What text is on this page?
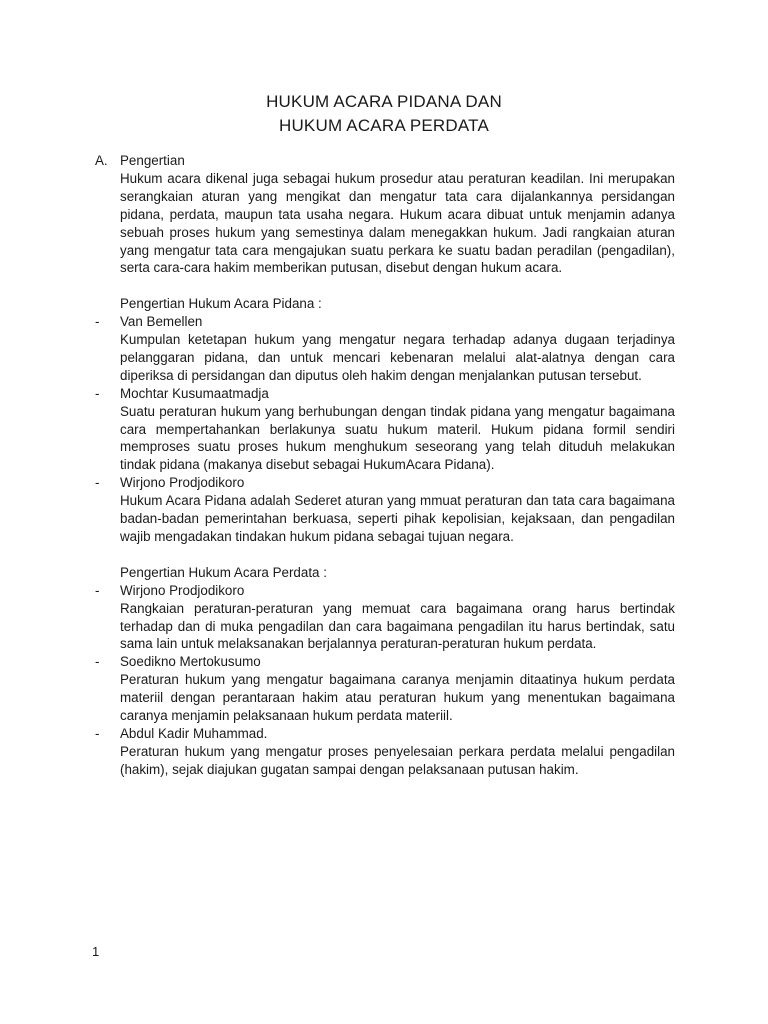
HUKUM ACARA PIDANA DAN
HUKUM ACARA PERDATA
A. Pengertian

Hukum acara dikenal juga sebagai hukum prosedur atau peraturan keadilan. Ini merupakan serangkaian aturan yang mengikat dan mengatur tata cara dijalankannya persidangan pidana, perdata, maupun tata usaha negara. Hukum acara dibuat untuk menjamin adanya sebuah proses hukum yang semestinya dalam menegakkan hukum. Jadi rangkaian aturan yang mengatur tata cara mengajukan suatu perkara ke suatu badan peradilan (pengadilan), serta cara-cara hakim memberikan putusan, disebut dengan hukum acara.

Pengertian Hukum Acara Pidana :
-	Van Bemellen

Kumpulan ketetapan hukum yang mengatur negara terhadap adanya dugaan terjadinya pelanggaran pidana, dan untuk mencari kebenaran melalui alat-alatnya dengan cara diperiksa di persidangan dan diputus oleh hakim dengan menjalankan putusan tersebut.

-	Mochtar Kusumaatmadja

Suatu peraturan hukum yang berhubungan dengan tindak pidana yang mengatur bagaimana cara mempertahankan berlakunya suatu hukum materil. Hukum pidana formil sendiri memproses suatu proses hukum menghukum seseorang yang telah dituduh melakukan tindak pidana (makanya disebut sebagai HukumAcara Pidana).

-	Wirjono Prodjodikoro

Hukum Acara Pidana adalah Sederet aturan yang mmuat peraturan dan tata cara bagaimana badan-badan pemerintahan berkuasa, seperti pihak kepolisian, kejaksaan, dan pengadilan wajib mengadakan tindakan hukum pidana sebagai tujuan negara.

Pengertian Hukum Acara Perdata :
-	Wirjono Prodjodikoro

Rangkaian peraturan-peraturan yang memuat cara bagaimana orang harus bertindak terhadap dan di muka pengadilan dan cara bagaimana pengadilan itu harus bertindak, satu sama lain untuk melaksanakan berjalannya peraturan-peraturan hukum perdata.

-	Soedikno Mertokusumo

Peraturan hukum yang mengatur bagaimana caranya menjamin ditaatinya hukum perdata materiil dengan perantaraan hakim atau peraturan hukum yang menentukan bagaimana caranya menjamin pelaksanaan hukum perdata materiil.

-	Abdul Kadir Muhammad.

Peraturan hukum yang mengatur proses penyelesaian perkara perdata melalui pengadilan (hakim), sejak diajukan gugatan sampai dengan pelaksanaan putusan hakim.

1
